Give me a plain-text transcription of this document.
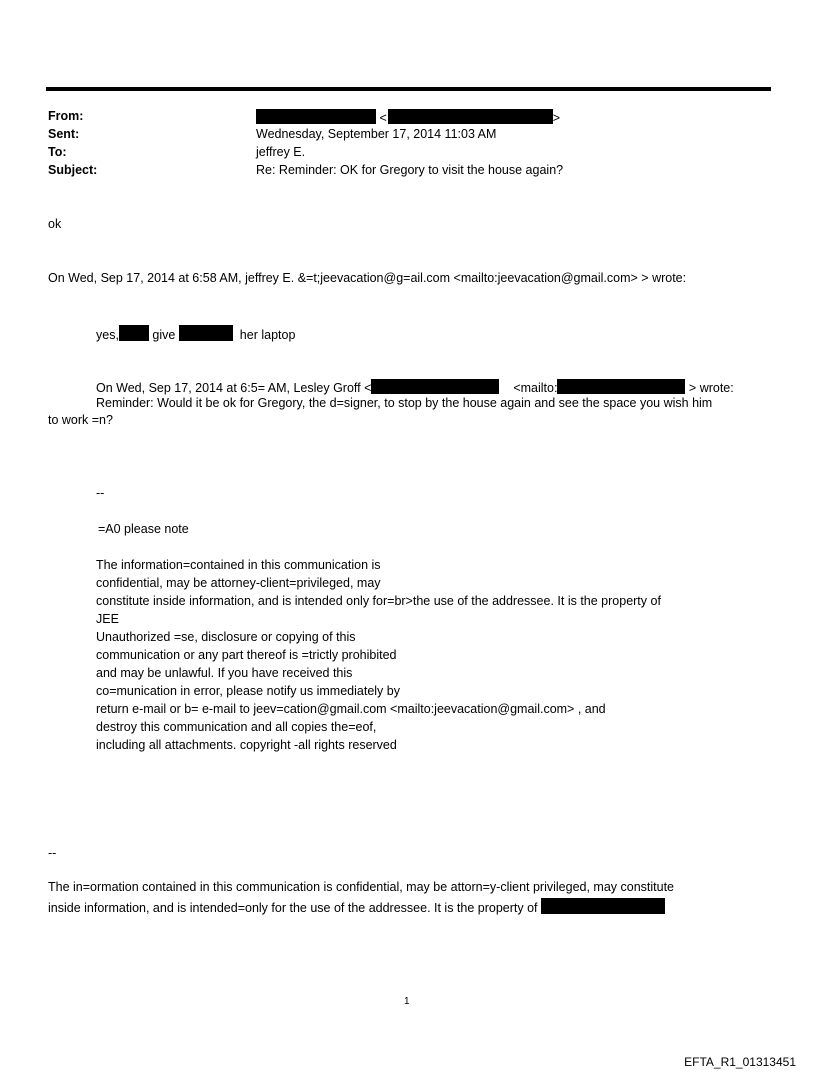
From:	<	>
Sent:	Wednesday, September 17, 2014 11:03 AM
To:	jeffrey E.
Subject:	Re: Reminder: OK for Gregory to visit the house again?
ok
On Wed, Sep 17, 2014 at 6:58 AM, jeffrey E. &=t;jeevacation@g=ail.com <mailto:jeevacation@gmail.com> > wrote:
yes,	give	her laptop
On Wed, Sep 17, 2014 at 6:5= AM, Lesley Groff <	<mailto:	> wrote:
Reminder: Would it be ok for Gregory, the d=signer, to stop by the house again and see the space you wish him
to work =n?
--
=A0 please note
The information=contained in this communication is
confidential, may be attorney-client=privileged, may
constitute inside information, and is intended only for=br>the use of the addressee. It is the property of
JEE
Unauthorized =se, disclosure or copying of this
communication or any part thereof is =trictly prohibited
and may be unlawful. If you have received this
co=munication in error, please notify us immediately by
return e-mail or b= e-mail to jeev=cation@gmail.com <mailto:jeevacation@gmail.com> , and
destroy this communication and all copies the=eof,
including all attachments. copyright -all rights reserved
--
The in=ormation contained in this communication is confidential, may be attorn=y-client privileged, may constitute
inside information, and is intended=only for the use of the addressee. It is the property of
1
EFTA_R1_01313451
